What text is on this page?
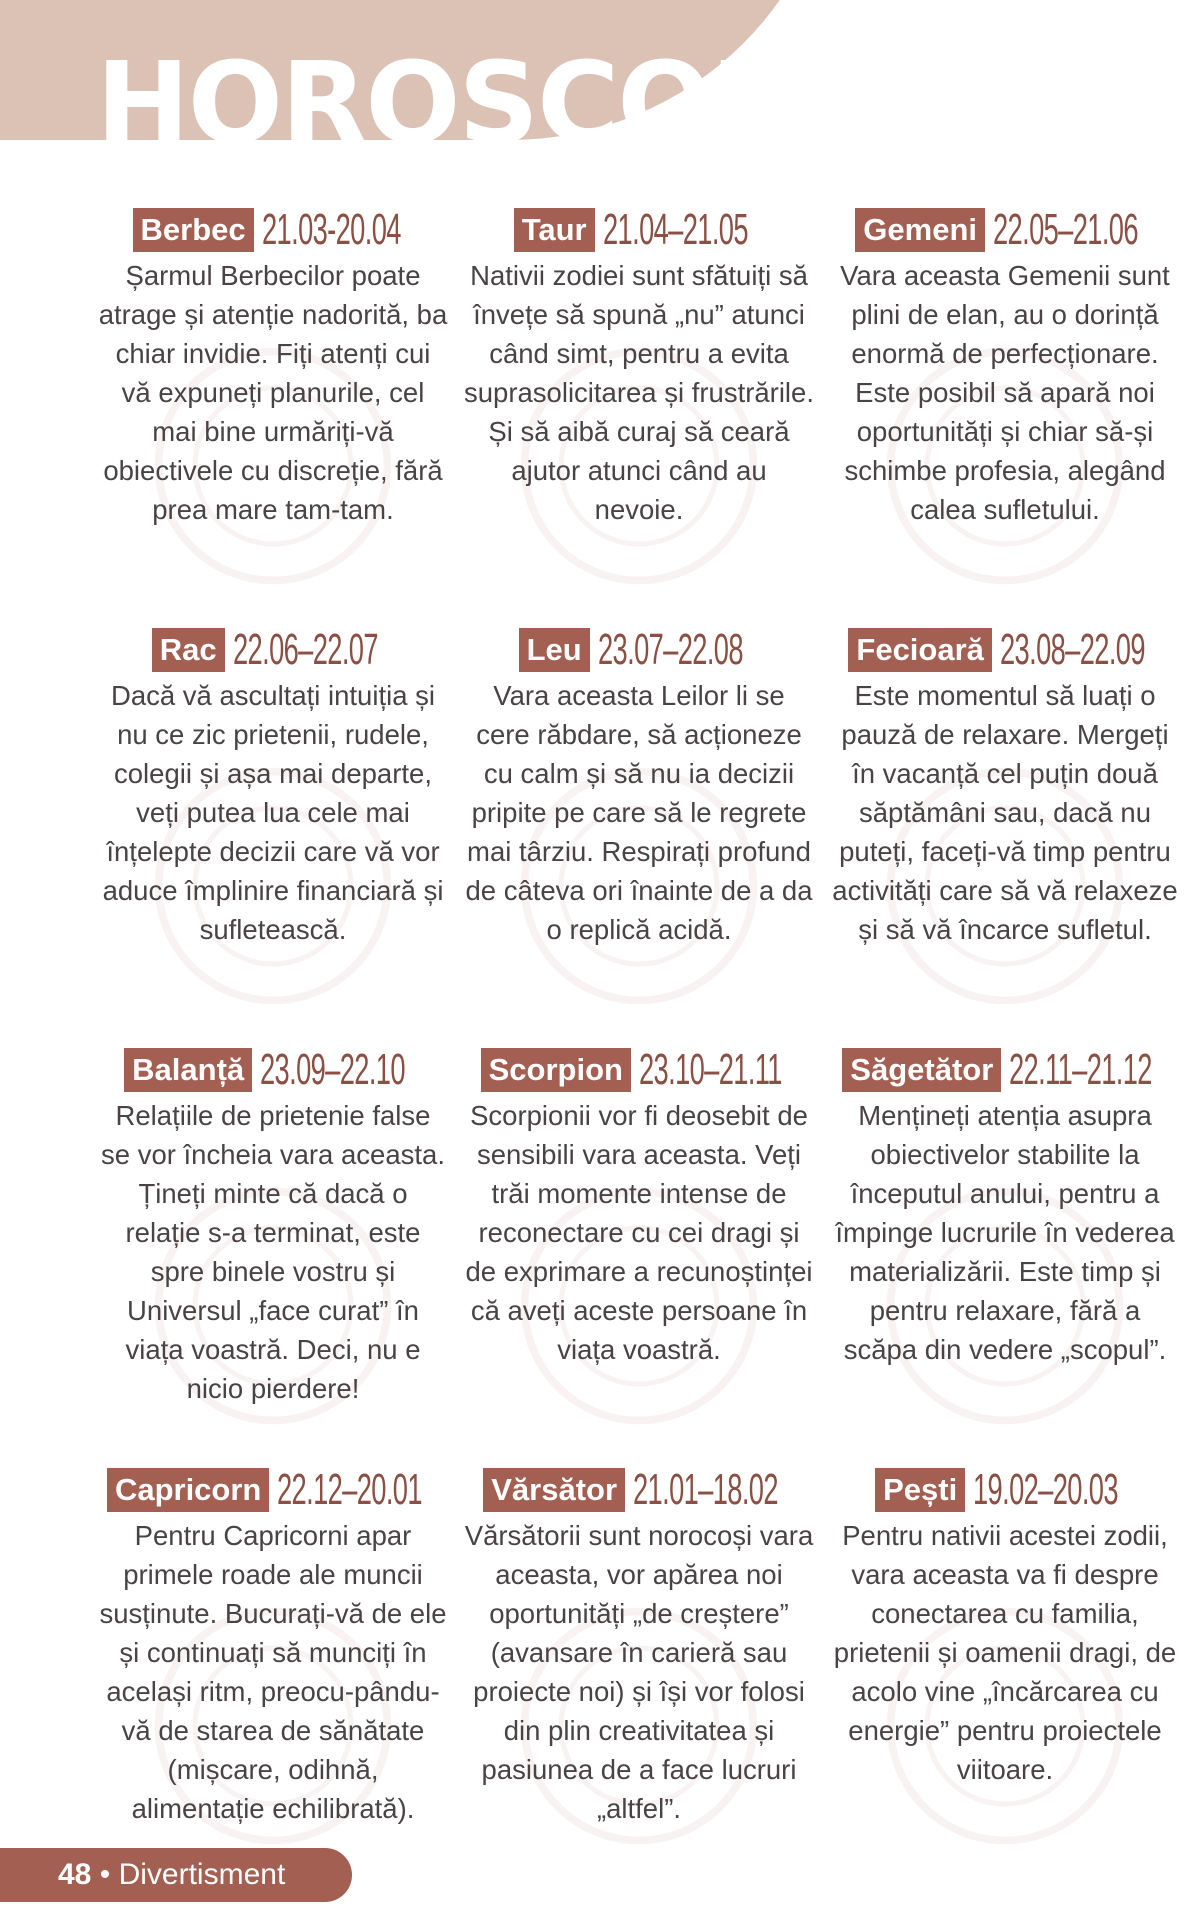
HOROSCOP
Berbec 21.03-20.04

Șarmul Berbecilor poate atrage și atenție nadorită, ba chiar invidie. Fiți atenți cui vă expuneți planurile, cel mai bine urmăriți-vă obiectivele cu discreție, fără prea mare tam-tam.

Taur 21.04–21.05

Nativii zodiei sunt sfătuiți să învețe să spună „nu” atunci când simt, pentru a evita suprasolicitarea și frustrările. Și să aibă curaj să ceară ajutor atunci când au nevoie.

Gemeni 22.05–21.06

Vara aceasta Gemenii sunt plini de elan, au o dorință enormă de perfecționare. Este posibil să apară noi oportunități și chiar să-și schimbe profesia, alegând calea sufletului.

Rac 22.06–22.07

Dacă vă ascultați intuiția și nu ce zic prietenii, rudele, colegii și așa mai departe, veți putea lua cele mai înțelepte decizii care vă vor aduce împlinire financiară și sufletească.

Leu 23.07–22.08

Vara aceasta Leilor li se cere răbdare, să acționeze cu calm și să nu ia decizii pripite pe care să le regrete mai târziu. Respirați profund de câteva ori înainte de a da o replică acidă.

Fecioară 23.08–22.09

Este momentul să luați o pauză de relaxare. Mergeți în vacanță cel puțin două săptămâni sau, dacă nu puteți, faceți-vă timp pentru activități care să vă relaxeze și să vă încarce sufletul.

Balanță 23.09–22.10

Relațiile de prietenie false se vor încheia vara aceasta. Țineți minte că dacă o relație s-a terminat, este spre binele vostru și Universul „face curat” în viața voastră. Deci, nu e nicio pierdere!

Scorpion 23.10–21.11

Scorpionii vor fi deosebit de sensibili vara aceasta. Veți trăi momente intense de reconectare cu cei dragi și de exprimare a recunoștinței că aveți aceste persoane în viața voastră.

Săgetător 22.11–21.12

Mențineți atenția asupra obiectivelor stabilite la începutul anului, pentru a împinge lucrurile în vederea materializării. Este timp și pentru relaxare, fără a scăpa din vedere „scopul”.

Capricorn 22.12–20.01

Pentru Capricorni apar primele roade ale muncii susținute. Bucurați-vă de ele și continuați să munciți în același ritm, preocu-pându-vă de starea de sănătate (mișcare, odihnă, alimentație echilibrată).

Vărsător 21.01–18.02

Vărsătorii sunt norocoși vara aceasta, vor apărea noi oportunități „de creștere” (avansare în carieră sau proiecte noi) și își vor folosi din plin creativitatea și pasiunea de a face lucruri „altfel”.

Pești 19.02–20.03

Pentru nativii acestei zodii, vara aceasta va fi despre conectarea cu familia, prietenii și oamenii dragi, de acolo vine „încărcarea cu energie” pentru proiectele viitoare.

48 • Divertisment
